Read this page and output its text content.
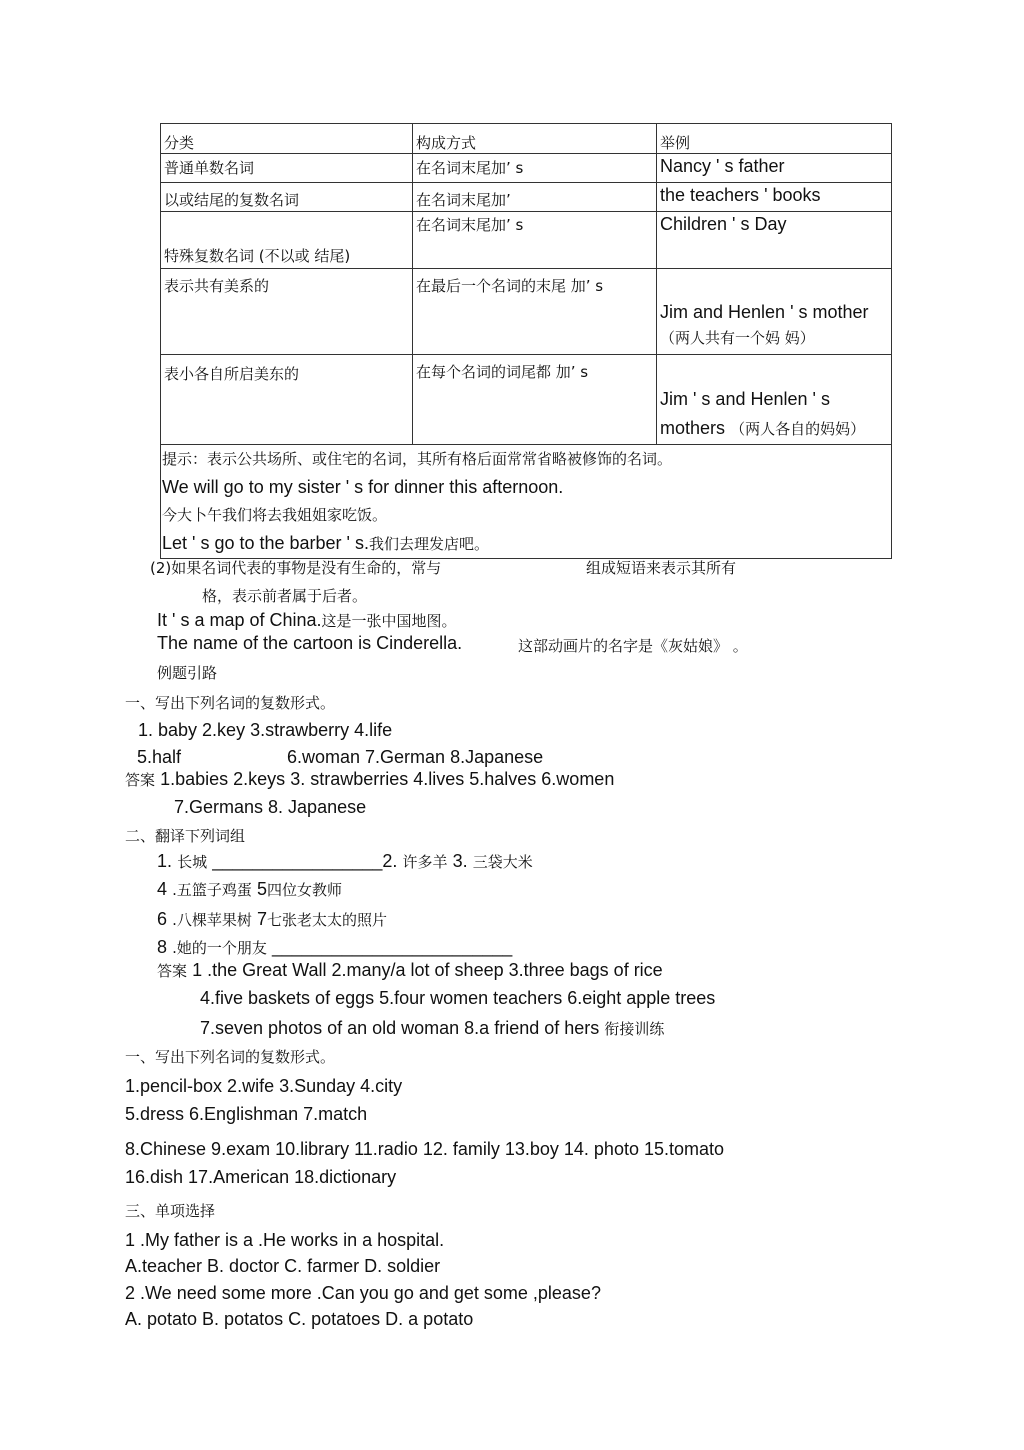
分类	构成方式	举例
普通单数名词	在名词末尾加’ s	Nancy ' s father
以或结尾的复数名词	在名词末尾加’	the teachers ' books
特殊复数名词 (不以或 结尾)	在名词末尾加’ s	Children ' s Day
表示共有美系的	在最后一个名词的末尾 加’ s	Jim and Henlen ' s mother
（两人共有一个妈 妈）

表小各自所启美东的	在每个名词的词尾都 加’ s	Jim ' s and Henlen ' s
mothers （两人各自的妈妈）

提示：表示公共场所、或住宅的名词，其所有格后面常常省略被修饰的名词。
We will go to my sister ' s for dinner this afternoon.
今大卜午我们将去我姐姐家吃饭。
Let ' s go to the barber ' s.我们去理发店吧。		
(2)如果名词代表的事物是没有生命的，常与	组成短语来表示其所有
格，表示前者属于后者。
It ' s a map of China.这是一张中国地图。
The name of the cartoon is Cinderella.	这部动画片的名字是《灰姑娘》 。
例题引路
一、写出下列名词的复数形式。
1. baby 2.key 3.strawberry 4.life
5.half	6.woman 7.German 8.Japanese
答案 1.babies 2.keys 3. strawberries 4.lives 5.halves 6.women
7.Germans 8. Japanese
二、翻译下列词组
1. 长城 _________________2. 许多羊 3. 三袋大米
4 .五篮子鸡蛋 5四位女教师
6 .八棵苹果树 7七张老太太的照片
8 .她的一个朋友 ________________________
答案 1 .the Great Wall 2.many/a lot of sheep 3.three bags of rice
4.five baskets of eggs 5.four women teachers 6.eight apple trees
7.seven photos of an old woman 8.a friend of hers 衔接训练
一、写出下列名词的复数形式。
1.pencil-box 2.wife 3.Sunday 4.city
5.dress 6.Englishman 7.match
8.Chinese 9.exam 10.library 11.radio 12. family 13.boy 14. photo 15.tomato
16.dish 17.American 18.dictionary
三、单项选择
1 .My father is a .He works in a hospital.
A.teacher B. doctor C. farmer D. soldier
2 .We need some more .Can you go and get some ,please?
A. potato B. potatos C. potatoes D. a potato
